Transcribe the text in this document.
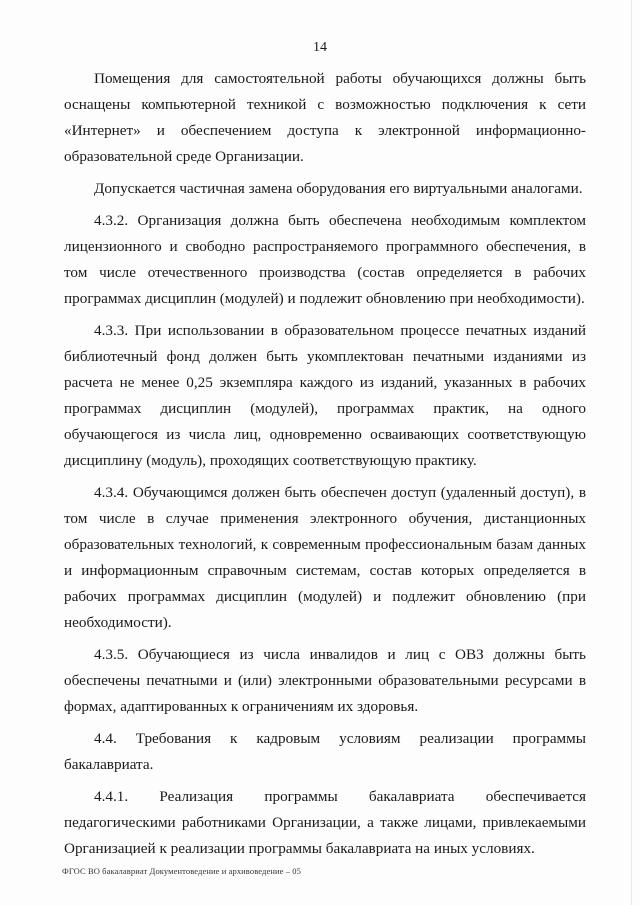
14

Помещения для самостоятельной работы обучающихся должны быть оснащены компьютерной техникой с возможностью подключения к сети «Интернет» и обеспечением доступа к электронной информационно-образовательной среде Организации.

Допускается частичная замена оборудования его виртуальными аналогами.

4.3.2. Организация должна быть обеспечена необходимым комплектом лицензионного и свободно распространяемого программного обеспечения, в том числе отечественного производства (состав определяется в рабочих программах дисциплин (модулей) и подлежит обновлению при необходимости).

4.3.3. При использовании в образовательном процессе печатных изданий библиотечный фонд должен быть укомплектован печатными изданиями из расчета не менее 0,25 экземпляра каждого из изданий, указанных в рабочих программах дисциплин (модулей), программах практик, на одного обучающегося из числа лиц, одновременно осваивающих соответствующую дисциплину (модуль), проходящих соответствующую практику.

4.3.4. Обучающимся должен быть обеспечен доступ (удаленный доступ), в том числе в случае применения электронного обучения, дистанционных образовательных технологий, к современным профессиональным базам данных и информационным справочным системам, состав которых определяется в рабочих программах дисциплин (модулей) и подлежит обновлению (при необходимости).

4.3.5. Обучающиеся из числа инвалидов и лиц с ОВЗ должны быть обеспечены печатными и (или) электронными образовательными ресурсами в формах, адаптированных к ограничениям их здоровья.

4.4. Требования к кадровым условиям реализации программы бакалавриата.

4.4.1. Реализация программы бакалавриата обеспечивается педагогическими работниками Организации, а также лицами, привлекаемыми Организацией к реализации программы бакалавриата на иных условиях.

ФГОС ВО бакалавриат Документоведение и архивоведение – 05
